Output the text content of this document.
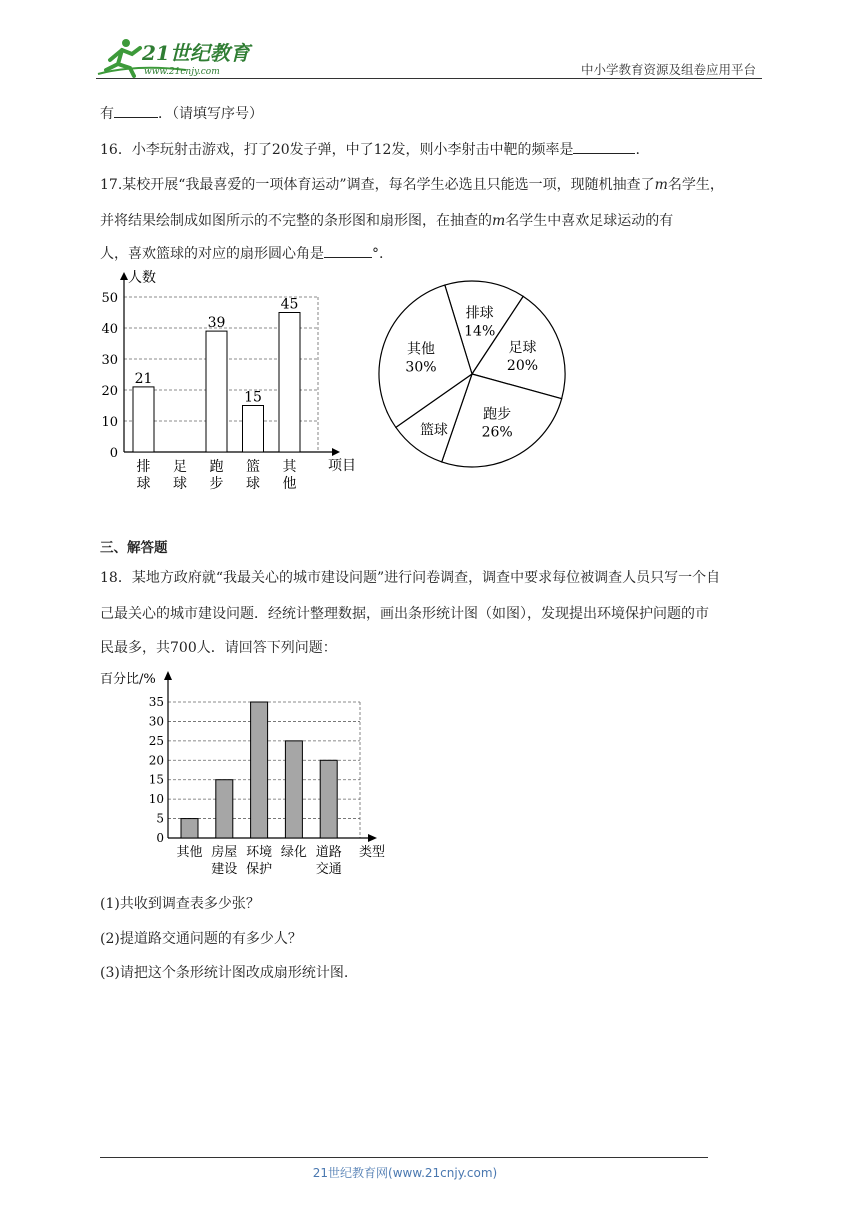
21世纪教育
www.21cnjy.com	中小学教育资源及组卷应用平台
有	．（请填写序号）
16．小李玩射击游戏，打了20发子弹，中了12发，则小李射击中靶的频率是	.
17.某校开展“我最喜爱的一项体育运动”调查，每名学生必选且只能选一项，现随机抽查了m名学生，
并将结果绘制成如图所示的不完整的条形图和扇形图，在抽查的m名学生中喜欢足球运动的有
人，喜欢篮球的对应的扇形圆心角是	°.
0
10
20
30
40
50
人数
项目
21
排
球
足
球
39
跑
步
15
篮
球
45
其
他
排球
14%
足球
20%
跑步
26%
篮球
其他
30%
三、解答题
18．某地方政府就“我最关心的城市建设问题”进行问卷调查，调查中要求每位被调查人员只写一个自
己最关心的城市建设问题．经统计整理数据，画出条形统计图（如图），发现提出环境保护问题的市
民最多，共700人．请回答下列问题：
0
5
10
15
20
25
30
35
百分比/%
类型
其他 房屋
建设
环境
保护
绿化 道路
交通
(1)共收到调查表多少张？
(2)提道路交通问题的有多少人？
(3)请把这个条形统计图改成扇形统计图.
21世纪教育网(www.21cnjy.com)
